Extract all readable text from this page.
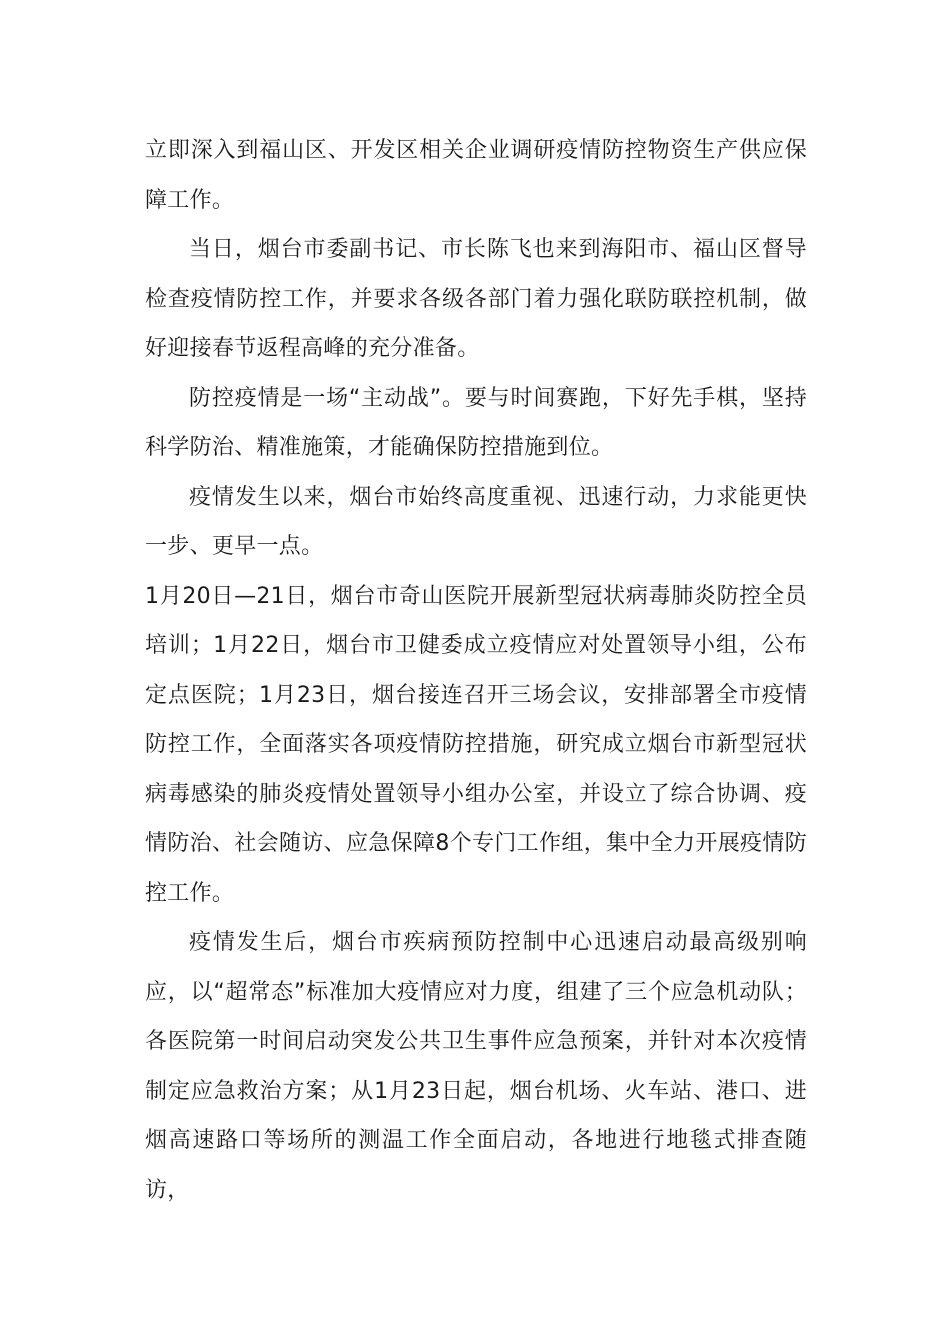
立即深入到福山区、开发区相关企业调研疫情防控物资生产供应保障工作。

当日，烟台市委副书记、市长陈飞也来到海阳市、福山区督导检查疫情防控工作，并要求各级各部门着力强化联防联控机制，做好迎接春节返程高峰的充分准备。

防控疫情是一场“主动战”。要与时间赛跑，下好先手棋，坚持科学防治、精准施策，才能确保防控措施到位。

疫情发生以来，烟台市始终高度重视、迅速行动，力求能更快一步、更早一点。

1月20日—21日，烟台市奇山医院开展新型冠状病毒肺炎防控全员培训；1月22日，烟台市卫健委成立疫情应对处置领导小组，公布定点医院；1月23日，烟台接连召开三场会议，安排部署全市疫情防控工作，全面落实各项疫情防控措施，研究成立烟台市新型冠状病毒感染的肺炎疫情处置领导小组办公室，并设立了综合协调、疫情防治、社会随访、应急保障8个专门工作组，集中全力开展疫情防控工作。

疫情发生后，烟台市疾病预防控制中心迅速启动最高级别响应，以“超常态”标准加大疫情应对力度，组建了三个应急机动队；各医院第一时间启动突发公共卫生事件应急预案，并针对本次疫情制定应急救治方案；从1月23日起，烟台机场、火车站、港口、进烟高速路口等场所的测温工作全面启动，各地进行地毯式排查随访，
